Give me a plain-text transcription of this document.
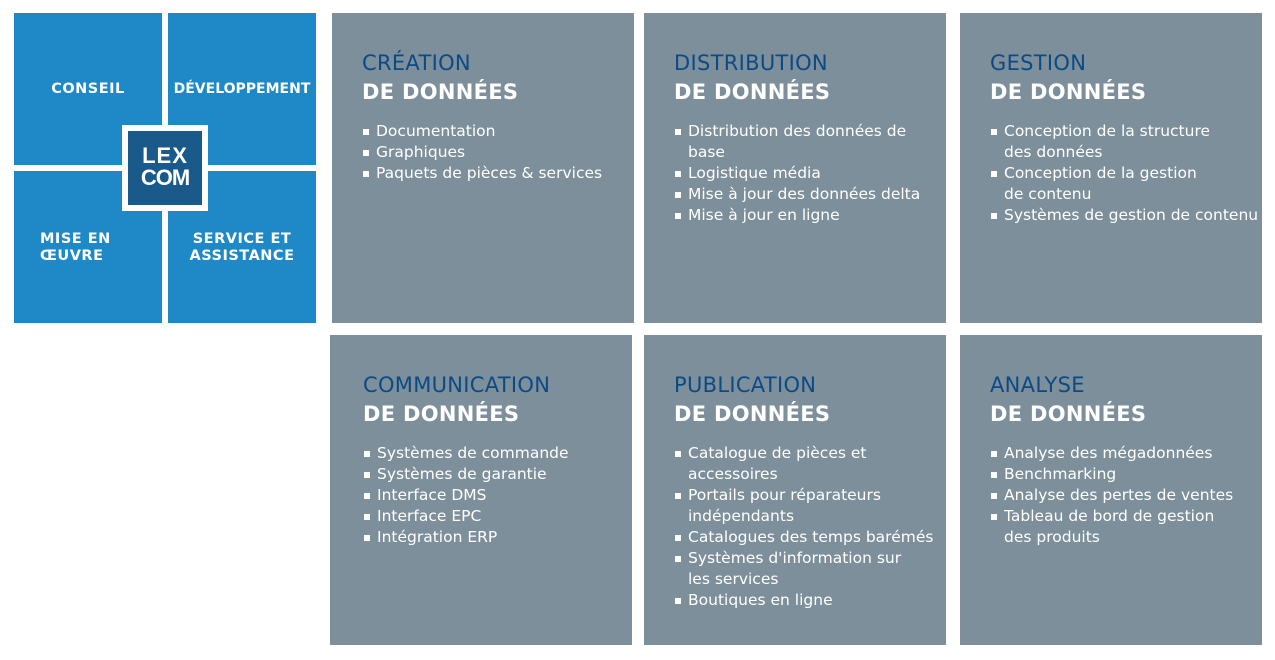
CONSEIL	DÉVELOPPEMENT
MISE EN
ŒUVRE
SERVICE ET
ASSISTANCE
LEX
COM
CRÉATION
DE DONNÉES
Documentation
Graphiques
Paquets de pièces & services
DISTRIBUTION
DE DONNÉES
Distribution des données de base
Logistique média
Mise à jour des données delta
Mise à jour en ligne
GESTION
DE DONNÉES
Conception de la structure
des données
Conception de la gestion
de contenu
Systèmes de gestion de contenu
COMMUNICATION
DE DONNÉES
Systèmes de commande
Systèmes de garantie
Interface DMS
Interface EPC
Intégration ERP
PUBLICATION
DE DONNÉES
Catalogue de pièces et accessoires
Portails pour réparateurs
indépendants
Catalogues des temps barémés
Systèmes d'information sur
les services
Boutiques en ligne
ANALYSE
DE DONNÉES
Analyse des mégadonnées
Benchmarking
Analyse des pertes de ventes
Tableau de bord de gestion
des produits
